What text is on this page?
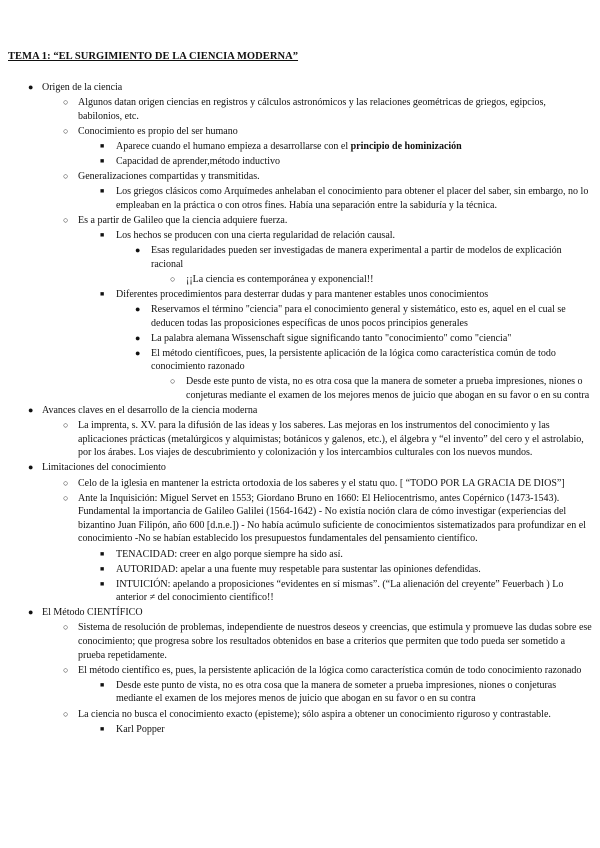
TEMA 1: “EL SURGIMIENTO DE LA CIENCIA MODERNA”
● Origen de la ciencia
○ Algunos datan origen ciencias en registros y cálculos astronómicos y las relaciones geométricas de griegos, egipcios, babilonios, etc.
○ Conocimiento es propio del ser humano
■ Aparece cuando el humano empieza a desarrollarse con el principio de hominización
■ Capacidad de aprender,método inductivo
○ Generalizaciones compartidas y transmitidas.
■ Los griegos clásicos como Arquímedes anhelaban el conocimiento para obtener el placer del saber, sin embargo, no lo empleaban en la práctica o con otros fines. Había una separación entre la sabiduría y la técnica.
○ Es a partir de Galileo que la ciencia adquiere fuerza.
■ Los hechos se producen con una cierta regularidad de relación causal.
● Esas regularidades pueden ser investigadas de manera experimental a partir de modelos de explicación racional
○ ¡¡La ciencia es contemporánea y exponencial!!
■ Diferentes procedimientos para desterrar dudas y para mantener estables unos conocimientos
● Reservamos el término "ciencia" para el conocimiento general y sistemático, esto es, aquel en el cual se deducen todas las proposiciones específicas de unos pocos principios generales
● La palabra alemana Wissenschaft sigue significando tanto "conocimiento" como "ciencia"
● El método científicoes, pues, la persistente aplicación de la lógica como característica común de todo conocimiento razonado
○ Desde este punto de vista, no es otra cosa que la manera de someter a prueba impresiones, niones o conjeturas mediante el examen de los mejores menos de juicio que abogan en su favor o en su contra
● Avances claves en el desarrollo de la ciencia moderna
○ La imprenta, s. XV. para la difusión de las ideas y los saberes. Las mejoras en los instrumentos del conocimiento y las aplicaciones prácticas (metalúrgicos y alquimistas; botánicos y galenos, etc.), el álgebra y “el invento” del cero y el astrolabio, por los árabes. Los viajes de descubrimiento y colonización y los intercambios culturales con los nuevos mundos.
● Limitaciones del conocimiento
○ Celo de la iglesia en mantener la estricta ortodoxia de los saberes y el statu quo. [ “TODO POR LA GRACIA DE DIOS”]
○ Ante la Inquisición: Miguel Servet en 1553; Giordano Bruno en 1660: El Heliocentrismo, antes Copérnico (1473-1543). Fundamental la importancia de Galileo Galilei (1564-1642) - No existía noción clara de cómo investigar (experiencias del bizantino Juan Filipón, año 600 [d.n.e.]) - No había acúmulo suficiente de conocimientos sistematizados para profundizar en el conocimiento -No se habían establecido los presupuestos fundamentales del pensamiento científico.
■ TENACIDAD: creer en algo porque siempre ha sido así.
■ AUTORIDAD: apelar a una fuente muy respetable para sustentar las opiniones defendidas.
■ INTUICIÓN: apelando a proposiciones “evidentes en sí mismas”. (“La alienación del creyente” Feuerbach ) Lo anterior ≠ del conocimiento científico!!
● El Método CIENTÍFICO
○ Sistema de resolución de problemas, independiente de nuestros deseos y creencias, que estimula y promueve las dudas sobre ese conocimiento; que progresa sobre los resultados obtenidos en base a criterios que permiten que todo pueda ser sometido a prueba repetidamente.
○ El método científico es, pues, la persistente aplicación de la lógica como característica común de todo conocimiento razonado
■ Desde este punto de vista, no es otra cosa que la manera de someter a prueba impresiones, niones o conjeturas mediante el examen de los mejores menos de juicio que abogan en su favor o en su contra
○ La ciencia no busca el conocimiento exacto (episteme); sólo aspira a obtener un conocimiento riguroso y contrastable.
■ Karl Popper
